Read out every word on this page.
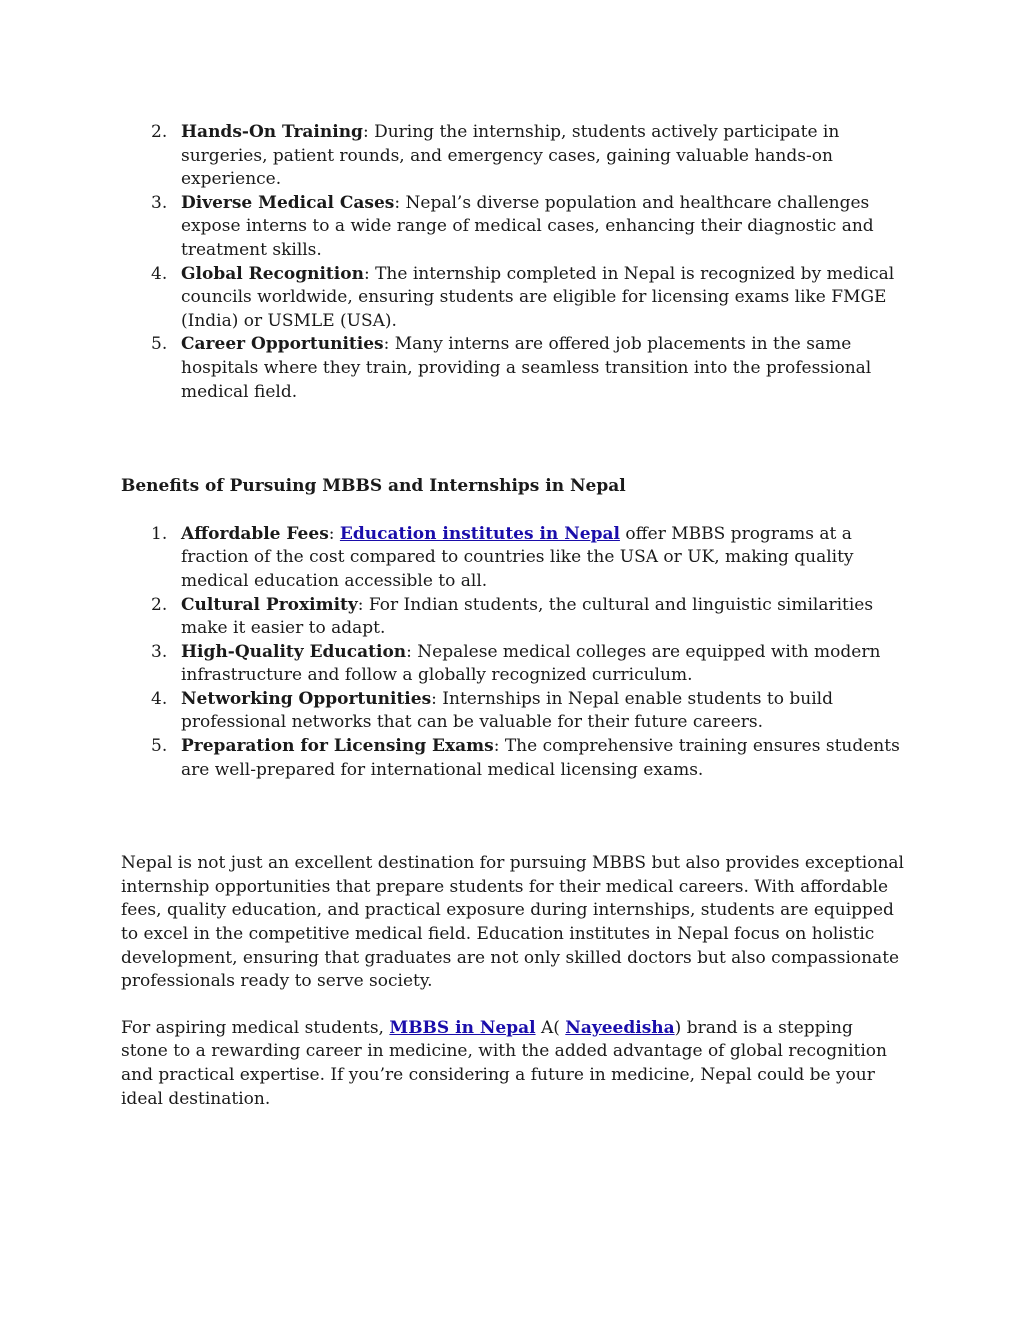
2. Hands-On Training: During the internship, students actively participate in surgeries, patient rounds, and emergency cases, gaining valuable hands-on experience.
3. Diverse Medical Cases: Nepal’s diverse population and healthcare challenges expose interns to a wide range of medical cases, enhancing their diagnostic and treatment skills.
4. Global Recognition: The internship completed in Nepal is recognized by medical councils worldwide, ensuring students are eligible for licensing exams like FMGE (India) or USMLE (USA).
5. Career Opportunities: Many interns are offered job placements in the same hospitals where they train, providing a seamless transition into the professional medical field.
Benefits of Pursuing MBBS and Internships in Nepal
1. Affordable Fees: Education institutes in Nepal offer MBBS programs at a fraction of the cost compared to countries like the USA or UK, making quality medical education accessible to all.
2. Cultural Proximity: For Indian students, the cultural and linguistic similarities make it easier to adapt.
3. High-Quality Education: Nepalese medical colleges are equipped with modern infrastructure and follow a globally recognized curriculum.
4. Networking Opportunities: Internships in Nepal enable students to build professional networks that can be valuable for their future careers.
5. Preparation for Licensing Exams: The comprehensive training ensures students are well-prepared for international medical licensing exams.

Nepal is not just an excellent destination for pursuing MBBS but also provides exceptional internship opportunities that prepare students for their medical careers. With affordable fees, quality education, and practical exposure during internships, students are equipped to excel in the competitive medical field. Education institutes in Nepal focus on holistic development, ensuring that graduates are not only skilled doctors but also compassionate professionals ready to serve society.

For aspiring medical students, MBBS in Nepal A( Nayeedisha) brand is a stepping stone to a rewarding career in medicine, with the added advantage of global recognition and practical expertise. If you’re considering a future in medicine, Nepal could be your ideal destination.
